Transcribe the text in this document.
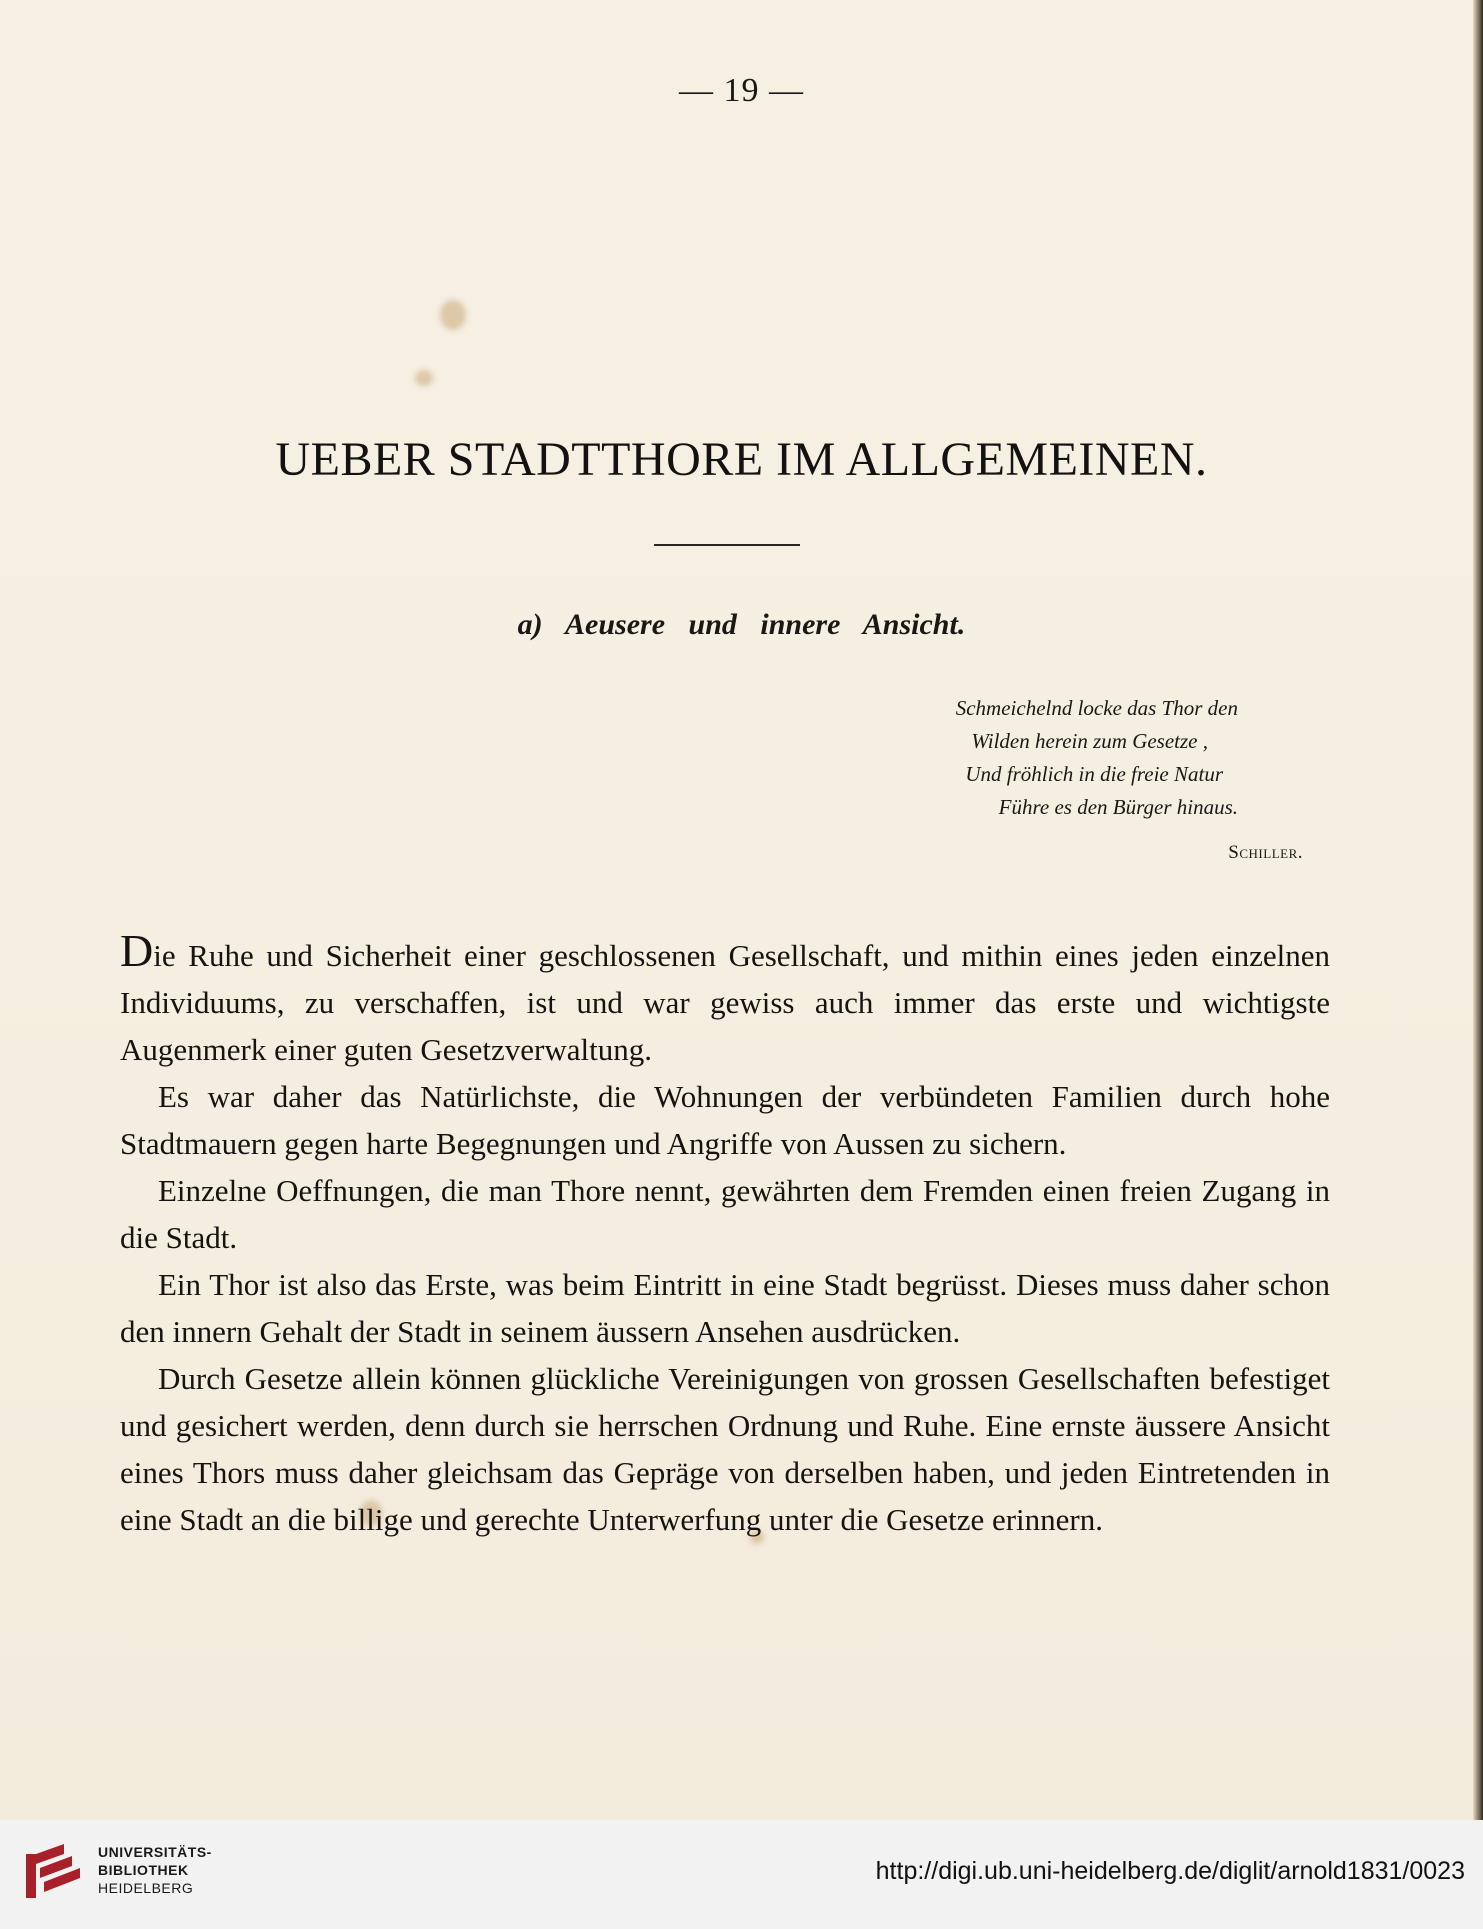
— 19 —
UEBER STADTTHORE IM ALLGEMEINEN.
a) Aeusere und innere Ansicht.
Schmeichelnd locke das Thor den
Wilden herein zum Gesetze ,
Und fröhlich in die freie Natur
Führe es den Bürger hinaus.
Schiller.

Die Ruhe und Sicherheit einer geschlossenen Gesellschaft, und mithin eines jeden einzelnen Individuums, zu verschaffen, ist und war gewiss auch immer das erste und wichtigste Augenmerk einer guten Gesetzverwaltung.

Es war daher das Natürlichste, die Wohnungen der verbündeten Familien durch hohe Stadtmauern gegen harte Begegnungen und Angriffe von Aussen zu sichern.

Einzelne Oeffnungen, die man Thore nennt, gewährten dem Fremden einen freien Zugang in die Stadt.

Ein Thor ist also das Erste, was beim Eintritt in eine Stadt begrüsst. Dieses muss daher schon den innern Gehalt der Stadt in seinem äussern Ansehen ausdrücken.

Durch Gesetze allein können glückliche Vereinigungen von grossen Gesellschaften befestiget und gesichert werden, denn durch sie herrschen Ordnung und Ruhe. Eine ernste äussere Ansicht eines Thors muss daher gleichsam das Gepräge von derselben haben, und jeden Eintretenden in eine Stadt an die billige und gerechte Unterwerfung unter die Gesetze erinnern.

UNIVERSITÄTS-
BIBLIOTHEK
HEIDELBERG
http://digi.ub.uni-heidelberg.de/diglit/arnold1831/0023
